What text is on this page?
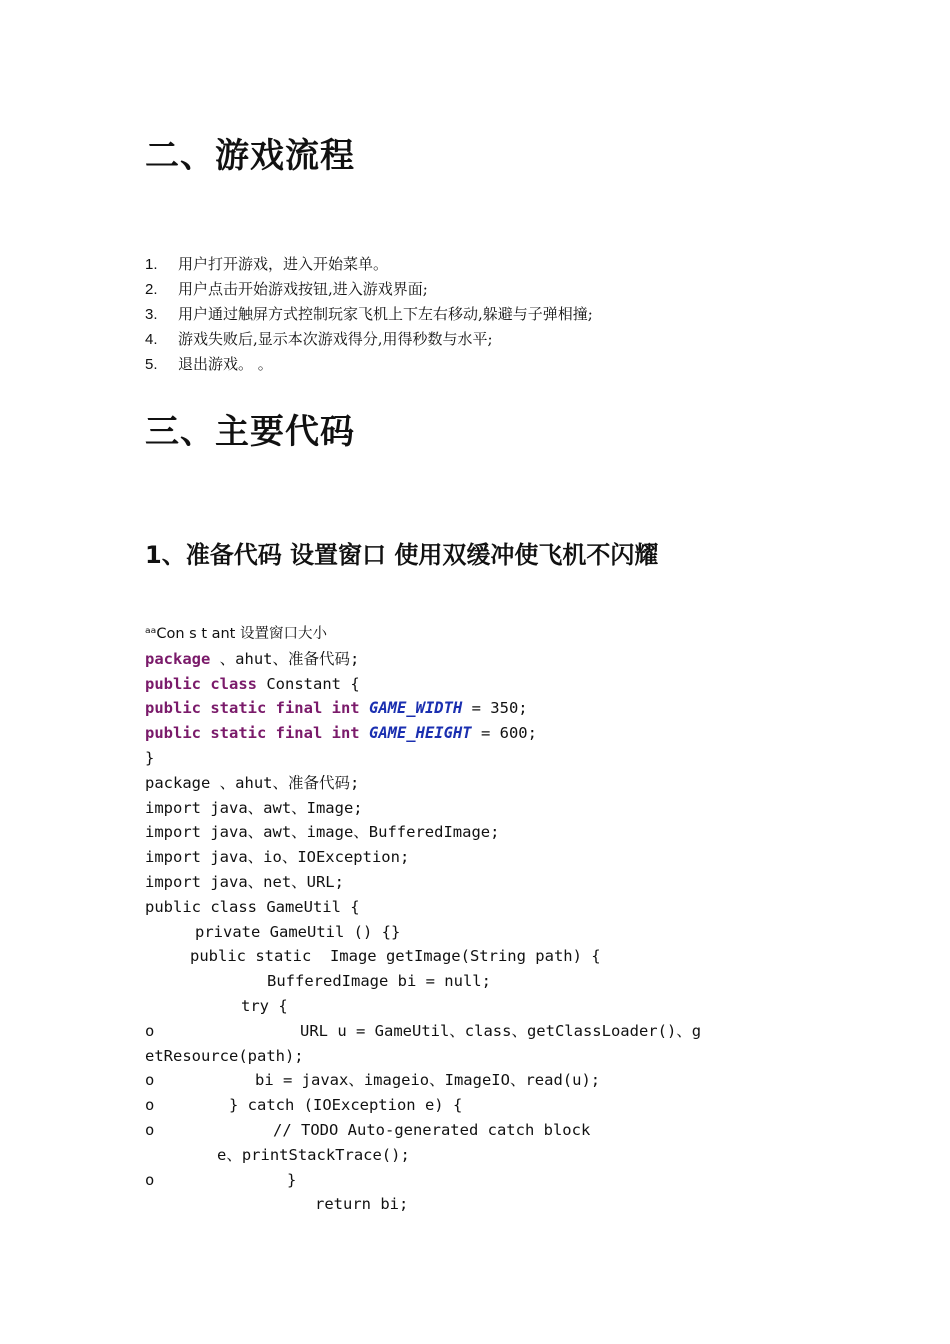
二、游戏流程
1.	用户打开游戏，进入开始菜单。
2.	用户点击开始游戏按钮,进入游戏界面;
3.	用户通过触屏方式控制玩家飞机上下左右移动,躲避与子弹相撞;
4.	游戏失败后,显示本次游戏得分,用得秒数与水平;
5.	退出游戏。 。
三、主要代码
1、准备代码 设置窗口 使用双缓冲使飞机不闪耀
ᵃᵃCon s t ant 设置窗口大小
package 、ahut、准备代码;
public class Constant {
public static final int GAME_WIDTH = 350;
public static final int GAME_HEIGHT = 600;
}
package 、ahut、准备代码;
import java、awt、Image;
import java、awt、image、BufferedImage;
import java、io、IOException;
import java、net、URL;
public class GameUtil {
private GameUtil () {}
public static  Image getImage(String path) {
BufferedImage bi = null;
try {
o	URL u = GameUtil、class、getClassLoader()、g
etResource(path);
o	bi = javax、imageio、ImageIO、read(u);
o	} catch (IOException e) {
o	// TODO Auto-generated catch block
e、printStackTrace();
o	}
return bi;
